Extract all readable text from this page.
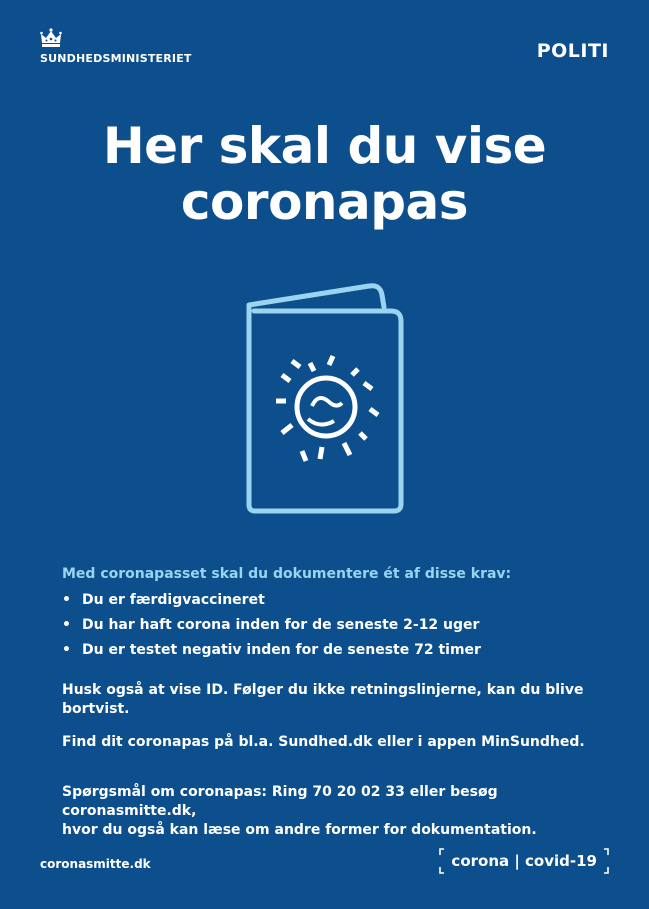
SUNDHEDSMINISTERIET	POLITI
Her skal du vise
coronapas

Med coronapasset skal du dokumentere ét af disse krav:

• Du er færdigvaccineret
• Du har haft corona inden for de seneste 2-12 uger
• Du er testet negativ inden for de seneste 72 timer

Husk også at vise ID. Følger du ikke retningslinjerne, kan du blive bortvist.

Find dit coronapas på bl.a. Sundhed.dk eller i appen MinSundhed.

Spørgsmål om coronapas: Ring 70 20 02 33 eller besøg coronasmitte.dk,

hvor du også kan læse om andre former for dokumentation.

coronasmitte.dk	corona | covid-19
